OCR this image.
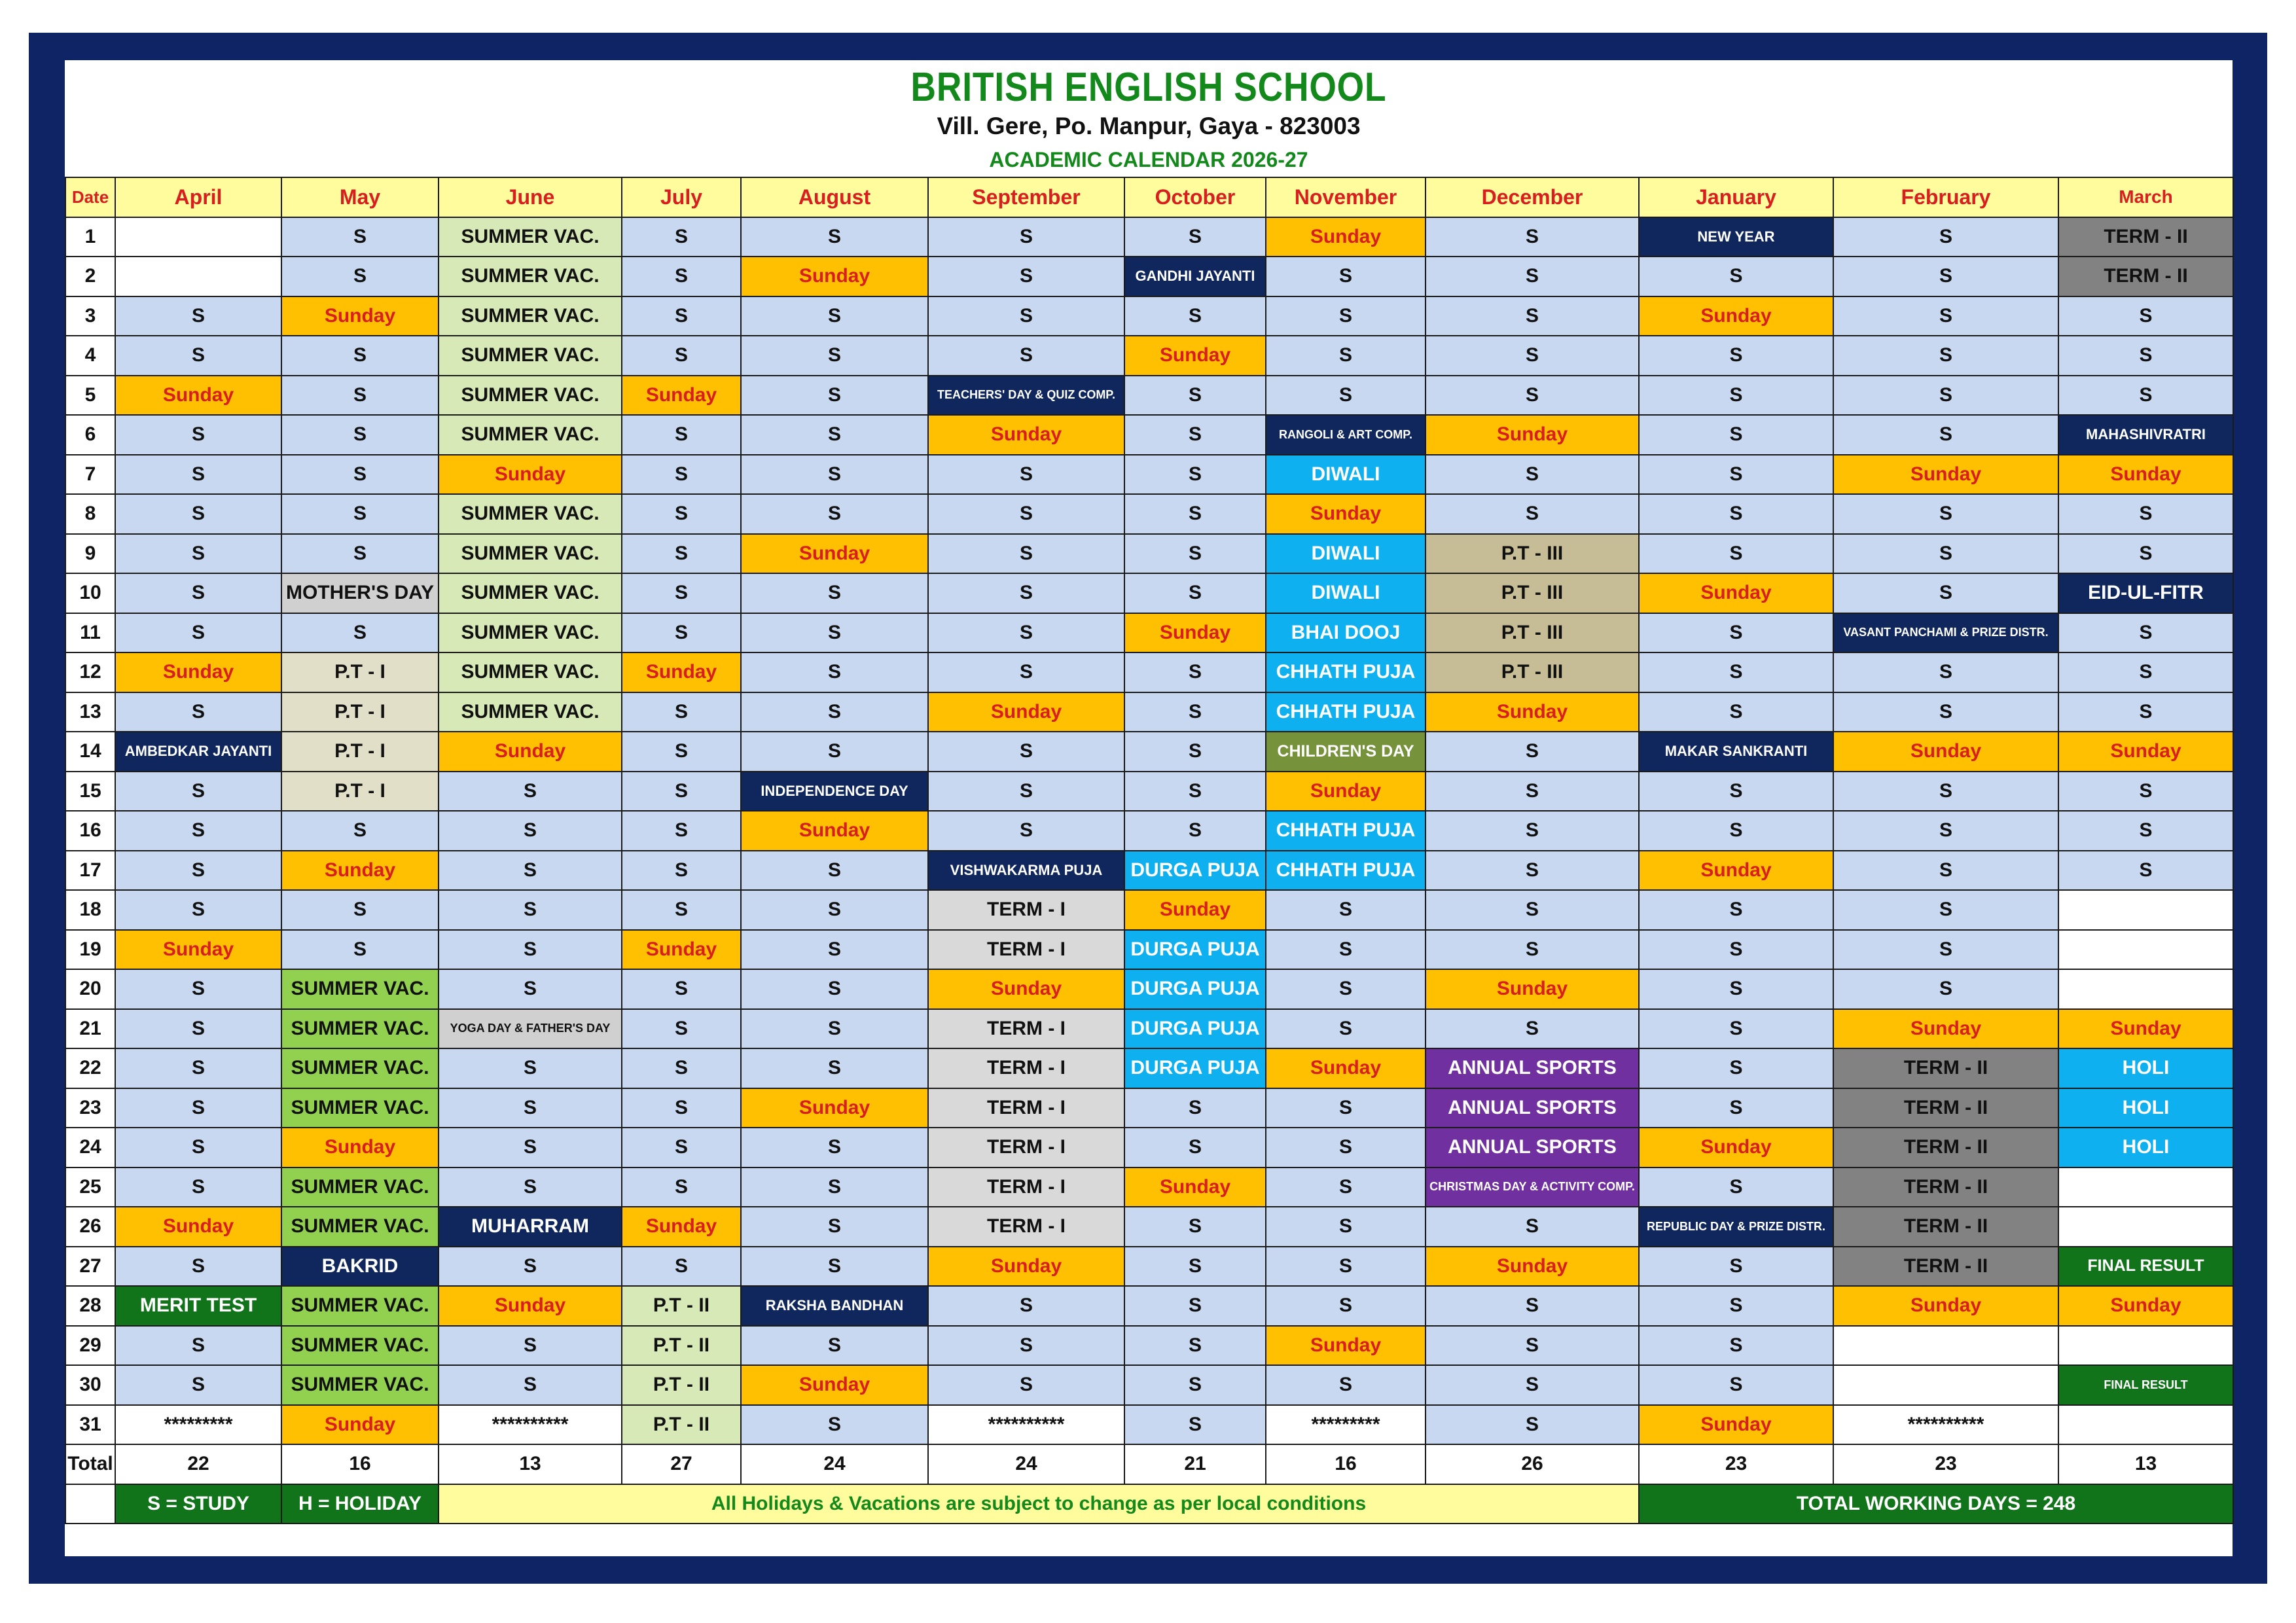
BRITISH ENGLISH SCHOOL
Vill. Gere, Po. Manpur, Gaya - 823003
ACADEMIC CALENDAR 2026-27
Date	April	May	June	July	August	September	October	November	December	January	February	March
1		S	SUMMER VAC.	S	S	S	S	Sunday	S	NEW YEAR	S	TERM - II
2		S	SUMMER VAC.	S	Sunday	S	GANDHI JAYANTI	S	S	S	S	TERM - II
3	S	Sunday	SUMMER VAC.	S	S	S	S	S	S	Sunday	S	S
4	S	S	SUMMER VAC.	S	S	S	Sunday	S	S	S	S	S
5	Sunday	S	SUMMER VAC.	Sunday	S	TEACHERS' DAY & QUIZ COMP.	S	S	S	S	S	S
6	S	S	SUMMER VAC.	S	S	Sunday	S	RANGOLI & ART COMP.	Sunday	S	S	MAHASHIVRATRI
7	S	S	Sunday	S	S	S	S	DIWALI	S	S	Sunday	Sunday
8	S	S	SUMMER VAC.	S	S	S	S	Sunday	S	S	S	S
9	S	S	SUMMER VAC.	S	Sunday	S	S	DIWALI	P.T - III	S	S	S
10	S	MOTHER'S DAY	SUMMER VAC.	S	S	S	S	DIWALI	P.T - III	Sunday	S	EID-UL-FITR
11	S	S	SUMMER VAC.	S	S	S	Sunday	BHAI DOOJ	P.T - III	S	VASANT PANCHAMI & PRIZE DISTR.	S
12	Sunday	P.T - I	SUMMER VAC.	Sunday	S	S	S	CHHATH PUJA	P.T - III	S	S	S
13	S	P.T - I	SUMMER VAC.	S	S	Sunday	S	CHHATH PUJA	Sunday	S	S	S
14	AMBEDKAR JAYANTI	P.T - I	Sunday	S	S	S	S	CHILDREN'S DAY	S	MAKAR SANKRANTI	Sunday	Sunday
15	S	P.T - I	S	S	INDEPENDENCE DAY	S	S	Sunday	S	S	S	S
16	S	S	S	S	Sunday	S	S	CHHATH PUJA	S	S	S	S
17	S	Sunday	S	S	S	VISHWAKARMA PUJA	DURGA PUJA	CHHATH PUJA	S	Sunday	S	S
18	S	S	S	S	S	TERM - I	Sunday	S	S	S	S	
19	Sunday	S	S	Sunday	S	TERM - I	DURGA PUJA	S	S	S	S	
20	S	SUMMER VAC.	S	S	S	Sunday	DURGA PUJA	S	Sunday	S	S	
21	S	SUMMER VAC.	YOGA DAY & FATHER'S DAY	S	S	TERM - I	DURGA PUJA	S	S	S	Sunday	Sunday
22	S	SUMMER VAC.	S	S	S	TERM - I	DURGA PUJA	Sunday	ANNUAL SPORTS	S	TERM - II	HOLI
23	S	SUMMER VAC.	S	S	Sunday	TERM - I	S	S	ANNUAL SPORTS	S	TERM - II	HOLI
24	S	Sunday	S	S	S	TERM - I	S	S	ANNUAL SPORTS	Sunday	TERM - II	HOLI
25	S	SUMMER VAC.	S	S	S	TERM - I	Sunday	S	CHRISTMAS DAY & ACTIVITY COMP.	S	TERM - II	
26	Sunday	SUMMER VAC.	MUHARRAM	Sunday	S	TERM - I	S	S	S	REPUBLIC DAY & PRIZE DISTR.	TERM - II	
27	S	BAKRID	S	S	S	Sunday	S	S	Sunday	S	TERM - II	FINAL RESULT
28	MERIT TEST	SUMMER VAC.	Sunday	P.T - II	RAKSHA BANDHAN	S	S	S	S	S	Sunday	Sunday
29	S	SUMMER VAC.	S	P.T - II	S	S	S	Sunday	S	S		
30	S	SUMMER VAC.	S	P.T - II	Sunday	S	S	S	S	S		FINAL RESULT
31	*********	Sunday	**********	P.T - II	S	**********	S	*********	S	Sunday	**********	
Total	22	16	13	27	24	24	21	16	26	23	23	13
	S = STUDY	H = HOLIDAY	All Holidays & Vacations are subject to change as per local conditions							TOTAL WORKING DAYS = 248		
